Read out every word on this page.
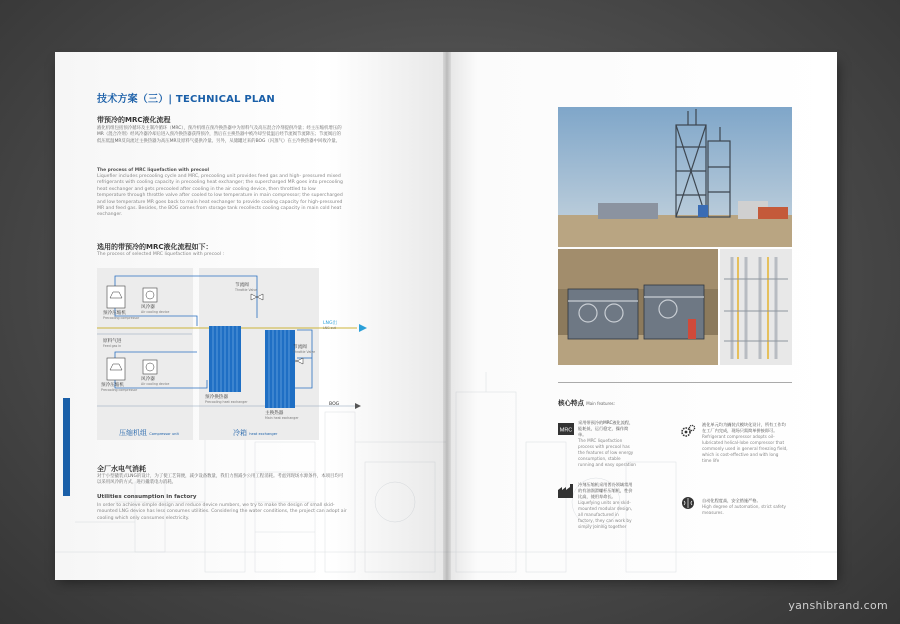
技术方案（三）| TECHNICAL PLAN
带预冷的MRC液化流程
液化机组包括预冷循环及主制冷循环（MRC），预冷机组在预冷换热器中为原料气及高压混合冷剂提供冷量；经主压缩机增压的MR（混合冷剂）经风冷器冷却后进入预冷换热器获得预冷，然后在主换热器中被冷却至低温后经节流阀节流降压；节流阀后的低压低温MR反向流过主换热器为高压MR及原料气提供冷量。另外，从储罐过来的BOG（闪蒸气）在主冷换热器中回收冷量。
The process of MRC liquefaction with precool
Liquefier includes precooling cycle and MRC, precooling unit provides feed gas and high- pressured mixed refrigerants with cooling capacity in precooling heat exchanger; the supercharged MR goes into precooling heat exchanger and gets precooled after cooling in the air cooling device, then throttled to low temperature through throttle valve after cooled to low temperature in main compressor; the supercharged and low temperature MR goes back to main heat exchanger to provide cooling capacity for high-pressured MR and feed gas. Besides, the BOG comes from storage tank recollects cooling capacity in main cold heat exchanger.
选用的带预冷的MRC液化流程如下：
The process of selected MRC liquefaction with precool :
压缩机组 Compressor unit	冷箱 heat exchanger
预冷压缩机
Precooling compressor
风冷器
Air cooling device
节流阀
Throttle Valve
原料气进
Feed gas in
LNG出
LNG out
预冷压缩机
Precooling compressor
风冷器
Air cooling device
预冷换热器
Precooling heat exchanger
主换热器
Main heat exchanger
节流阀
Throttle Valve
BOG
全厂水电气消耗
对于小型撬装式LNG的设计，为了使工艺简便，减少设备数量，我们力图减少公用工程消耗。考虑到现场水源条件，本项目均可以采用风冷的方式，进行撬装电力消耗。
Utilities consumption in factory
In order to achieve simple design and reduce device numbers, we try to make the design of small skid-mounted LNG device has less consumes utilities. Considering the water conditions, the project can adopt air cooling which only consumes electricity.
核心特点 Main features:
MRC
采用带预冷的MRC液化流程，能耗低，运行稳定，操作简单。
The MRC liquefaction process with precool has the features of low energy consumption, stable running and easy operation
液化单元均为撬装式模块化设计，所有工作均在工厂内完成，现场只需简单拼接即可。
Refrigerant compressor adopts oil-lubricated helical-lobe compressor that commonly used in general freezing field, which is cost-effective and with long time life
冷剂压缩机采用普冷领域常用的有油润滑螺杆压缩机，性价比高，使用寿命长。
Liquefying units are skid-mounted modular design, all manufactured in factory, they can work by simply joining together
自动化程度高，安全措施严格。
High degree of automation, strict safety measures.
yanshibrand.com
